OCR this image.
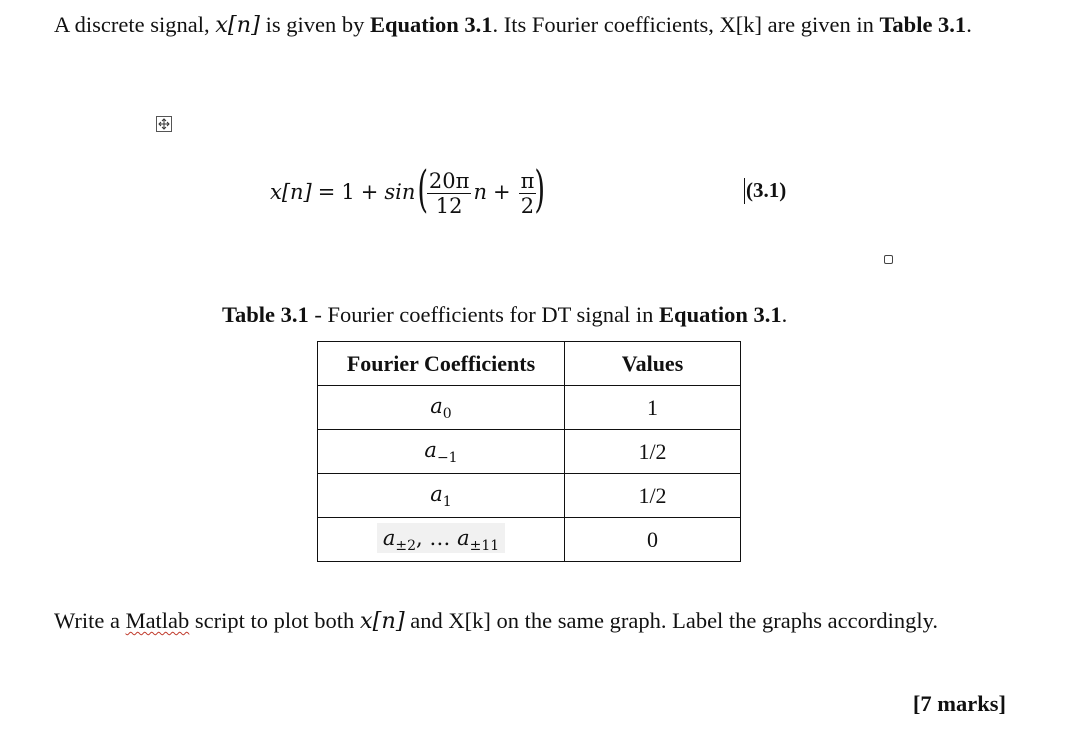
A discrete signal, x[n] is given by Equation 3.1. Its Fourier coefficients, X[k] are given in Table 3.1.
x[n] = 1 + sin (
$\frac{20\pi}{12}$ $n + \frac{\pi}{2}$
)	(3.1)
Table 3.1 - Fourier coefficients for DT signal in Equation 3.1.
Fourier Coefficients	Values
$a_0$	1
$a_{-1}$	1/2
$a_1$	1/2
$a_{\pm 2}$, … $a_{\pm 11}$	0
Write a Matlab script to plot both x[n] and X[k] on the same graph. Label the graphs accordingly.
[7 marks]
